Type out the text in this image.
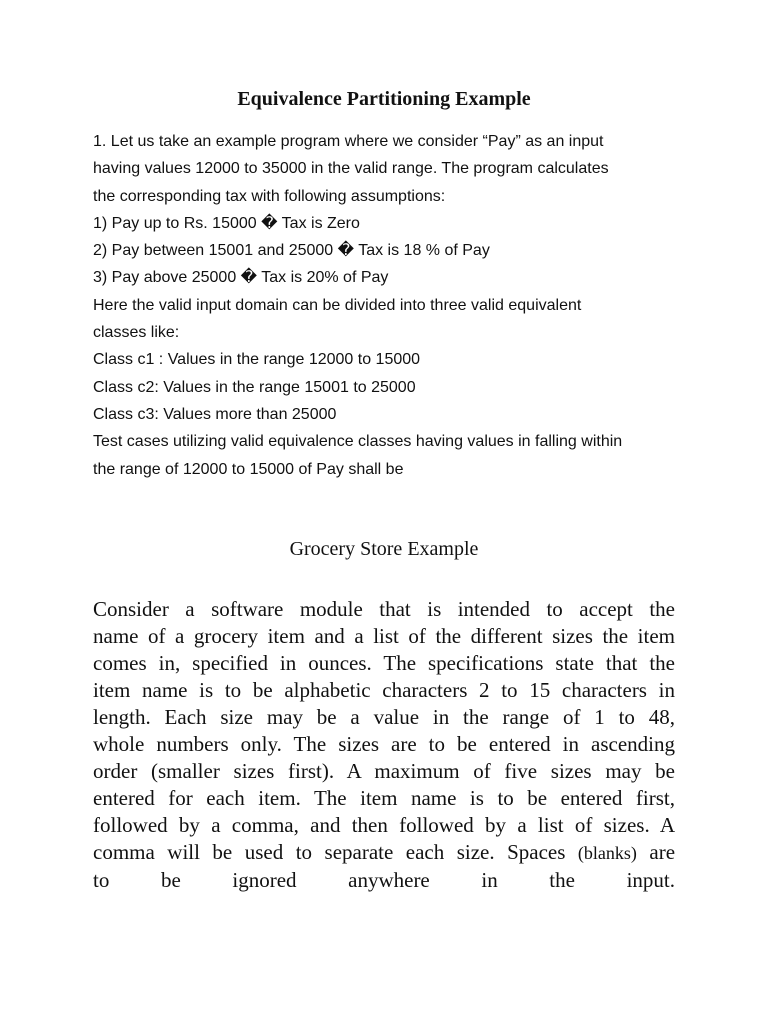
Equivalence Partitioning Example
1. Let us take an example program where we consider “Pay” as an input
having values 12000 to 35000 in the valid range. The program calculates
the corresponding tax with following assumptions:
1) Pay up to Rs. 15000 � Tax is Zero
2) Pay between 15001 and 25000 � Tax is 18 % of Pay
3) Pay above 25000 � Tax is 20% of Pay
Here the valid input domain can be divided into three valid equivalent
classes like:
Class c1 : Values in the range 12000 to 15000
Class c2: Values in the range 15001 to 25000
Class c3: Values more than 25000
Test cases utilizing valid equivalence classes having values in falling within
the range of 12000 to 15000 of Pay shall be
Grocery Store Example
Consider a software module that is intended to accept the
name of a grocery item and a list of the different sizes the item
comes in, specified in ounces. The specifications state that the
item name is to be alphabetic characters 2 to 15 characters in
length. Each size may be a value in the range of 1 to 48,
whole numbers only. The sizes are to be entered in ascending
order (smaller sizes first). A maximum of five sizes may be
entered for each item. The item name is to be entered first,
followed by a comma, and then followed by a list of sizes. A
comma will be used to separate each size. Spaces (blanks) are
to be ignored anywhere in the input.
